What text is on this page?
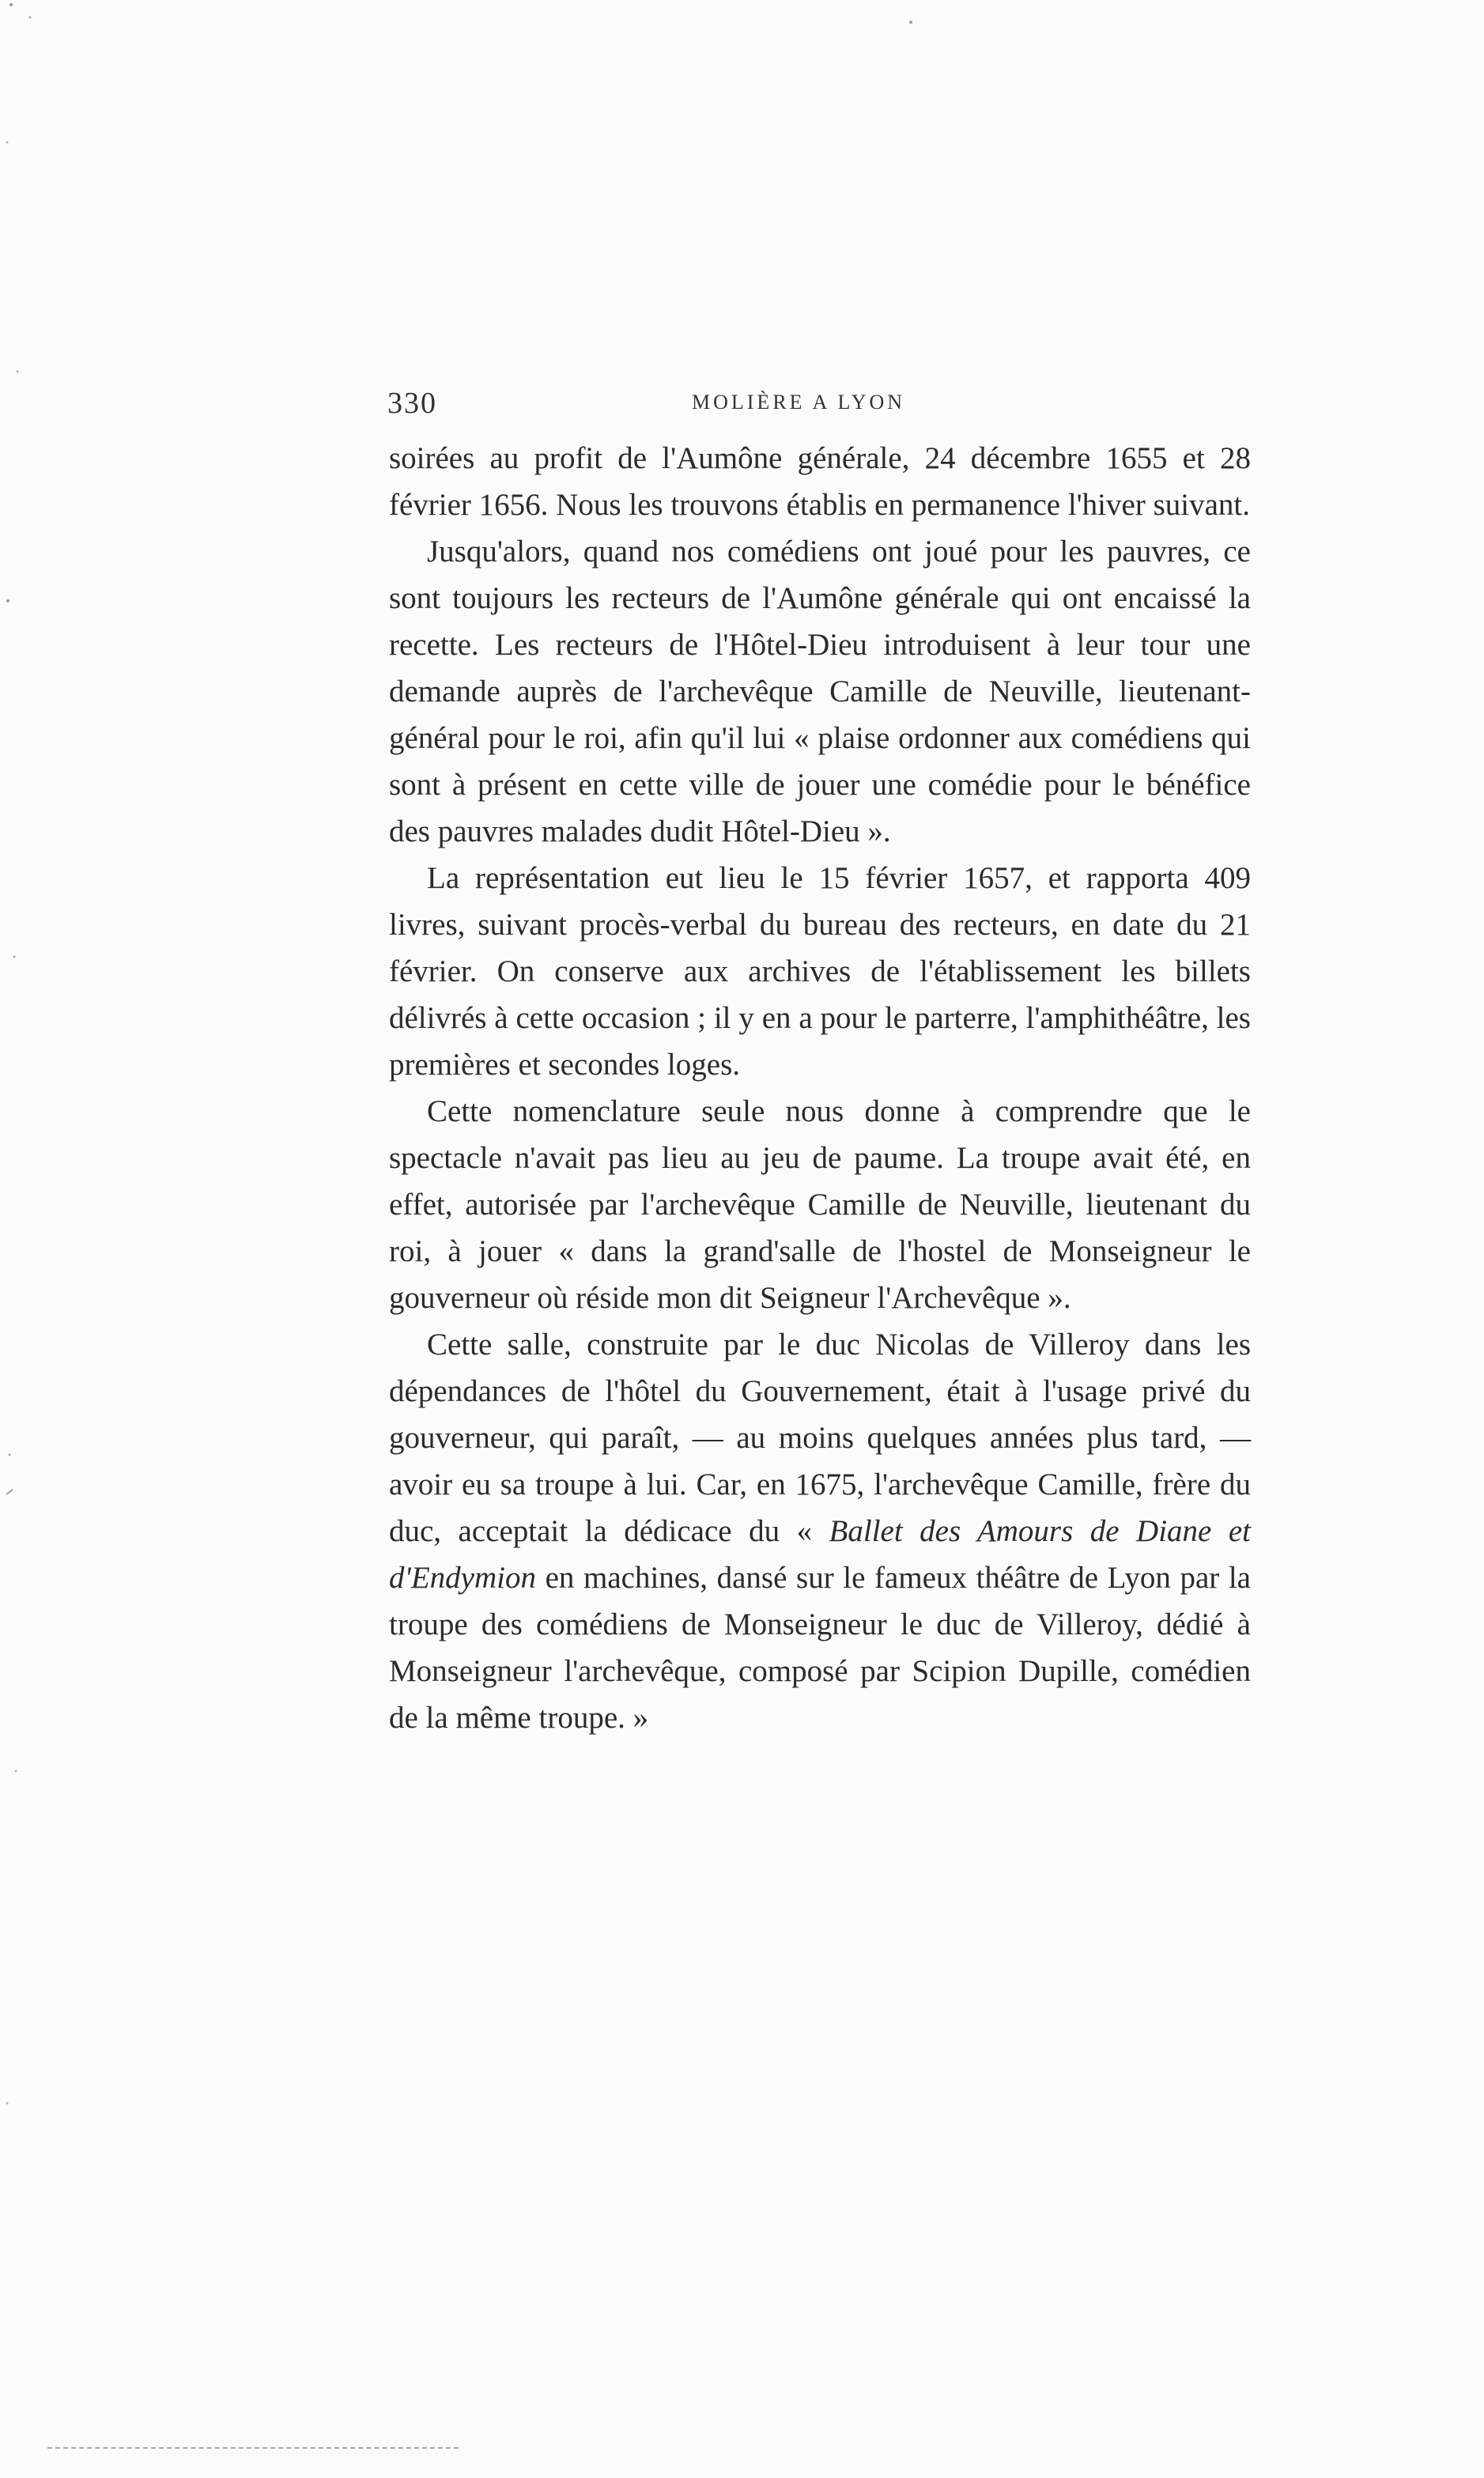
330	MOLIÈRE A LYON

soirées au profit de l'Aumône générale, 24 décembre 1655 et 28 février 1656. Nous les trouvons établis en permanence l'hiver suivant.

Jusqu'alors, quand nos comédiens ont joué pour les pauvres, ce sont toujours les recteurs de l'Aumône générale qui ont encaissé la recette. Les recteurs de l'Hôtel-Dieu introduisent à leur tour une demande auprès de l'archevêque Camille de Neuville, lieutenant-général pour le roi, afin qu'il lui « plaise ordonner aux comédiens qui sont à présent en cette ville de jouer une comédie pour le bénéfice des pauvres malades dudit Hôtel-Dieu ».

La représentation eut lieu le 15 février 1657, et rapporta 409 livres, suivant procès-verbal du bureau des recteurs, en date du 21 février. On conserve aux archives de l'établissement les billets délivrés à cette occasion ; il y en a pour le parterre, l'amphithéâtre, les premières et secondes loges.

Cette nomenclature seule nous donne à comprendre que le spectacle n'avait pas lieu au jeu de paume. La troupe avait été, en effet, autorisée par l'archevêque Camille de Neuville, lieutenant du roi, à jouer « dans la grand'salle de l'hostel de Monseigneur le gouverneur où réside mon dit Seigneur l'Archevêque ».

Cette salle, construite par le duc Nicolas de Villeroy dans les dépendances de l'hôtel du Gouvernement, était à l'usage privé du gouverneur, qui paraît, — au moins quelques années plus tard, — avoir eu sa troupe à lui. Car, en 1675, l'archevêque Camille, frère du duc, acceptait la dédicace du « Ballet des Amours de Diane et d'Endymion en machines, dansé sur le fameux théâtre de Lyon par la troupe des comédiens de Monseigneur le duc de Villeroy, dédié à Monseigneur l'archevêque, composé par Scipion Dupille, comédien de la même troupe. »
